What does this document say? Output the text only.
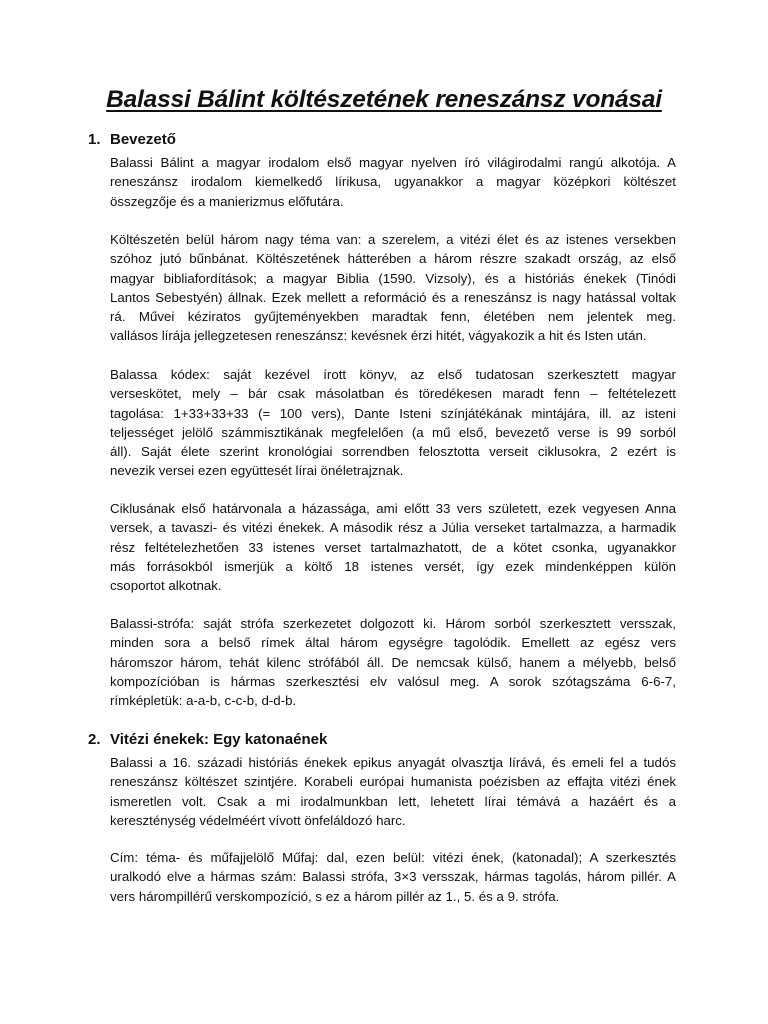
Balassi Bálint költészetének reneszánsz vonásai
1. Bevezető
Balassi Bálint a magyar irodalom első magyar nyelven író világirodalmi rangú alkotója. A
reneszánsz irodalom kiemelkedő lírikusa, ugyanakkor a magyar középkori költészet
összegzője és a manierizmus előfutára.
Költészetén belül három nagy téma van: a szerelem, a vitézi élet és az istenes versekben
szóhoz jutó bűnbánat. Költészetének hátterében a három részre szakadt ország, az első
magyar bibliafordítások; a magyar Biblia (1590. Vizsoly), és a históriás énekek (Tinódi
Lantos Sebestyén) állnak. Ezek mellett a reformáció és a reneszánsz is nagy hatással voltak
rá. Művei kéziratos gyűjteményekben maradtak fenn, életében nem jelentek meg.
vallásos lírája jellegzetesen reneszánsz: kevésnek érzi hitét, vágyakozik a hit és Isten után.
Balassa kódex: saját kezével írott könyv, az első tudatosan szerkesztett magyar
verseskötet, mely – bár csak másolatban és töredékesen maradt fenn – feltételezett
tagolása: 1+33+33+33 (= 100 vers), Dante Isteni színjátékának mintájára, ill. az isteni
teljességet jelölő számmisztikának megfelelően (a mű első, bevezető verse is 99 sorból
áll). Saját élete szerint kronológiai sorrendben felosztotta verseit ciklusokra, 2 ezért is
nevezik versei ezen együttesét lírai önéletrajznak.
Ciklusának első határvonala a házassága, ami előtt 33 vers született, ezek vegyesen Anna
versek, a tavaszi- és vitézi énekek. A második rész a Júlia verseket tartalmazza, a harmadik
rész feltételezhetően 33 istenes verset tartalmazhatott, de a kötet csonka, ugyanakkor
más forrásokból ismerjük a költő 18 istenes versét, így ezek mindenképpen külön
csoportot alkotnak.
Balassi-strófa: saját strófa szerkezetet dolgozott ki. Három sorból szerkesztett versszak,
minden sora a belső rímek által három egységre tagolódik. Emellett az egész vers
háromszor három, tehát kilenc strófából áll. De nemcsak külső, hanem a mélyebb, belső
kompozícióban is hármas szerkesztési elv valósul meg. A sorok szótagszáma 6-6-7,
rímképletük: a-a-b, c-c-b, d-d-b.
2. Vitézi énekek: Egy katonaének
Balassi a 16. századi históriás énekek epikus anyagát olvasztja lírává, és emeli fel a tudós
reneszánsz költészet szintjére. Korabeli európai humanista poézisben az effajta vitézi ének
ismeretlen volt. Csak a mi irodalmunkban lett, lehetett lírai témává a hazáért és a
kereszténység védelméért vívott önfeláldozó harc.
Cím: téma- és műfajjelölő Műfaj: dal, ezen belül: vitézi ének, (katonadal); A szerkesztés
uralkodó elve a hármas szám: Balassi strófa, 3×3 versszak, hármas tagolás, három pillér. A
vers hárompillérű verskompozíció, s ez a három pillér az 1., 5. és a 9. strófa.
